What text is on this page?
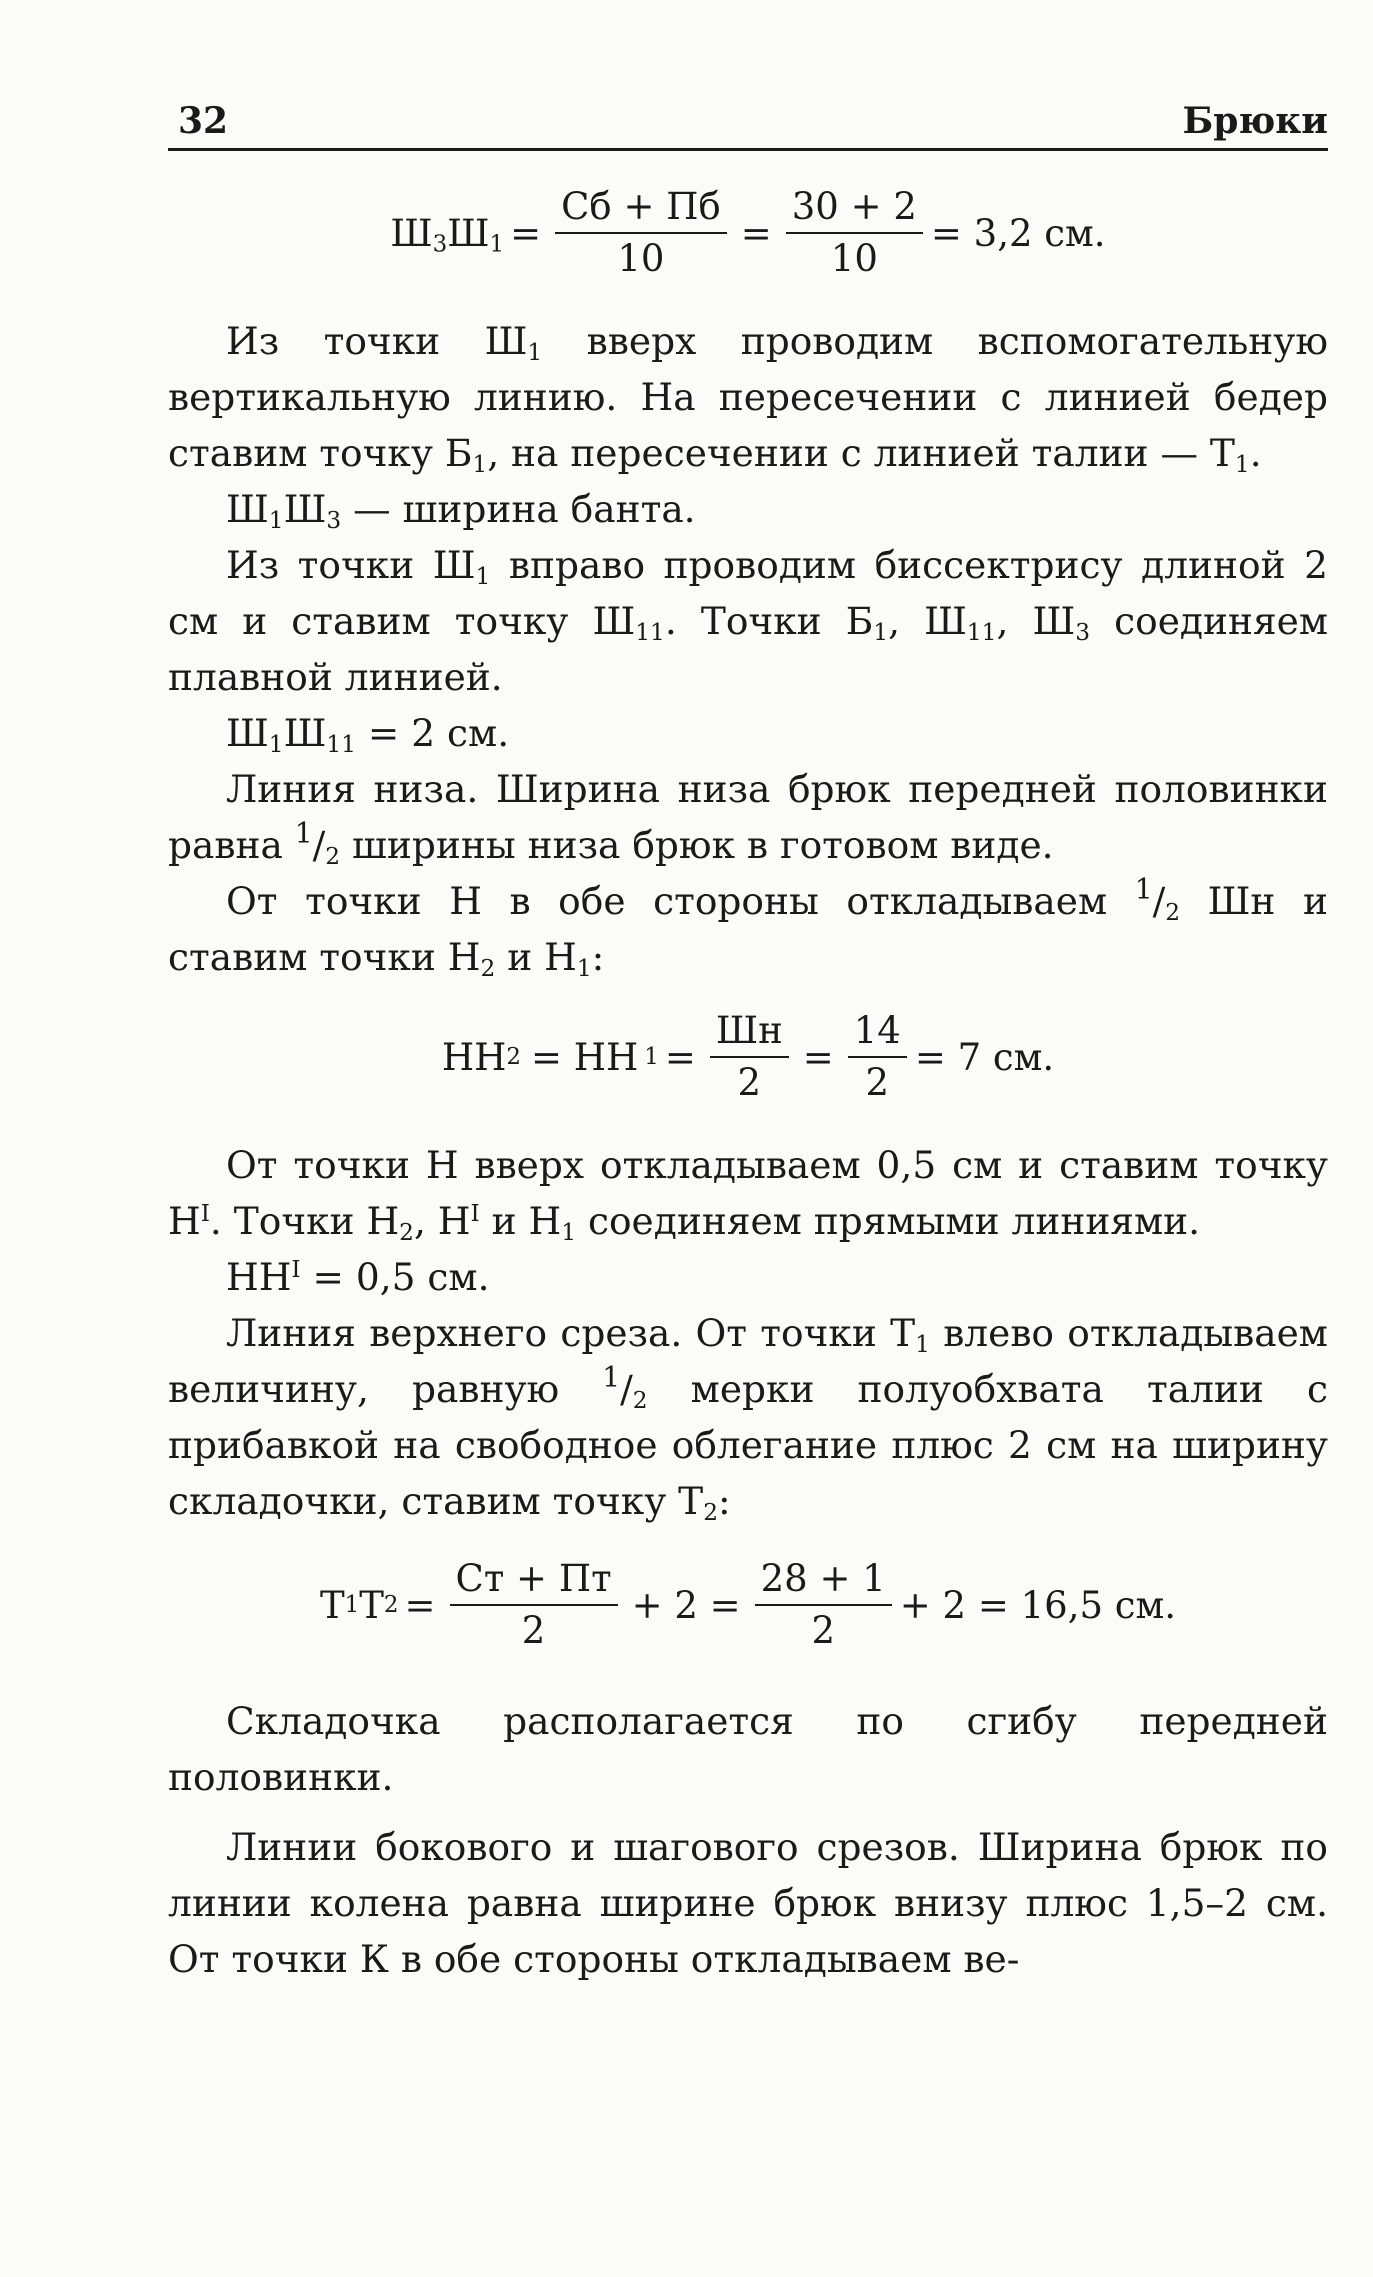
32	Брюки
$Ш_3Ш_1 = \frac{Сб + Пб}{10} = \frac{30 + 2}{10} = 3,2$ см.

Из точки $Ш_1$ вверх проводим вспомогательную вертикальную линию. На пересечении с линией бедер ставим точку $Б_1$, на пересечении с линией талии — $Т_1$.

$Ш_1Ш_3$ — ширина банта.

Из точки $Ш_1$ вправо проводим биссектрису длиной 2 см и ставим точку $Ш_{11}$. Точки $Б_1$, $Ш_{11}$, $Ш_3$ соединяем плавной линией.

$Ш_1Ш_{11} = 2$ см.

Линия низа. Ширина низа брюк передней половинки равна $^1/_2$ ширины низа брюк в готовом виде.

От точки Н в обе стороны откладываем $^1/_2$ Шн и ставим точки $Н_2$ и $Н_1$:

НН 2 = НН $1 = \frac{Шн}{2} = \frac{14}{2} = 7$ см.

От точки Н вверх откладываем 0,5 см и ставим точку $Н^I$. Точки $Н_2$, $Н^I$ и $Н_1$ соединяем прямыми линиями.

$НН^I = 0,5$ см.

Линия верхнего среза. От точки $Т_1$ влево откладываем величину, равную $^1/_2$ мерки полуобхвата талии с прибавкой на свободное облегание плюс 2 см на ширину складочки, ставим точку $Т_2$:

Т 1 Т $2 = \frac{Ст + Пт}{2} + 2 = \frac{28 + 1}{2} + 2 = 16,5$ см.

Складочка располагается по сгибу передней половинки.

Линии бокового и шагового срезов. Ширина брюк по линии колена равна ширине брюк внизу плюс 1,5–2 см. От точки К в обе стороны откладываем ве-
